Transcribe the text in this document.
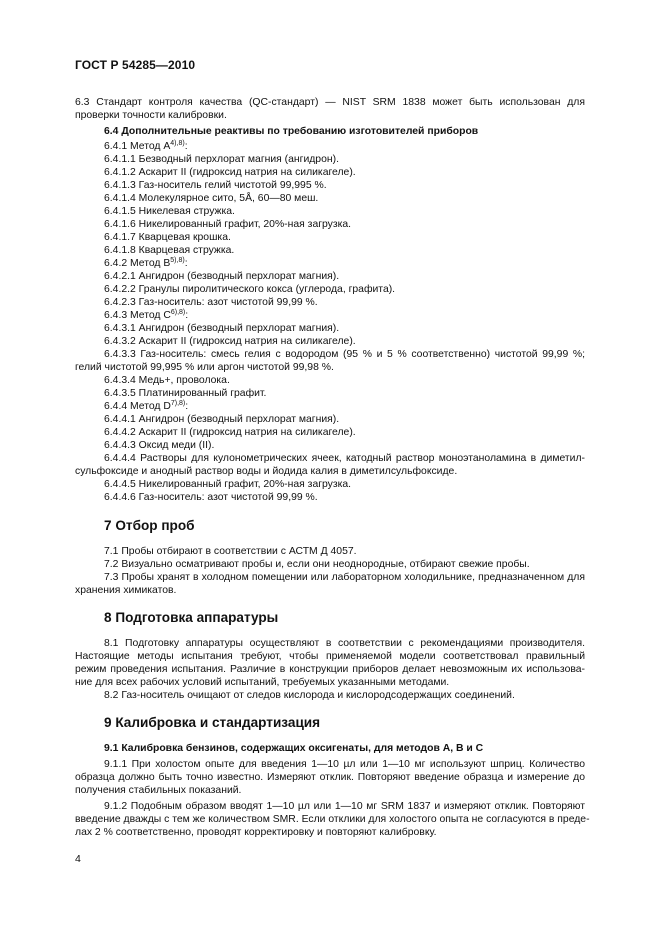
ГОСТ Р 54285—2010
6.3 Стандарт контроля качества (QC-стандарт) — NIST SRM 1838 может быть использован для
проверки точности калибровки.
6.4 Дополнительные реактивы по требованию изготовителей приборов
6.4.1 Метод $А^{4),8)}$:
6.4.1.1 Безводный перхлорат магния (ангидрон).
6.4.1.2 Аскарит II (гидроксид натрия на силикагеле).
6.4.1.3 Газ-носитель гелий чистотой 99,995 %.
6.4.1.4 Молекулярное сито, 5Å, 60—80 меш.
6.4.1.5 Никелевая стружка.
6.4.1.6 Никелированный графит, 20%-ная загрузка.
6.4.1.7 Кварцевая крошка.
6.4.1.8 Кварцевая стружка.
6.4.2 Метод $В^{5),8)}$:
6.4.2.1 Ангидрон (безводный перхлорат магния).
6.4.2.2 Гранулы пиролитического кокса (углерода, графита).
6.4.2.3 Газ-носитель: азот чистотой 99,99 %.
6.4.3 Метод $С^{6),8)}$:
6.4.3.1 Ангидрон (безводный перхлорат магния).
6.4.3.2 Аскарит II (гидроксид натрия на силикагеле).
6.4.3.3 Газ-носитель: смесь гелия с водородом (95 % и 5 % соответственно) чистотой 99,99 %;
гелий чистотой 99,995 % или аргон чистотой 99,98 %.
6.4.3.4 Медь+, проволока.
6.4.3.5 Платинированный графит.
6.4.4 Метод $D^{7),8)}$:
6.4.4.1 Ангидрон (безводный перхлорат магния).
6.4.4.2 Аскарит II (гидроксид натрия на силикагеле).
6.4.4.3 Оксид меди (II).
6.4.4.4 Растворы для кулонометрических ячеек, катодный раствор моноэтаноламина в диметил-
сульфоксиде и анодный раствор воды и йодида калия в диметилсульфоксиде.
6.4.4.5 Никелированный графит, 20%-ная загрузка.
6.4.4.6 Газ-носитель: азот чистотой 99,99 %.
7 Отбор проб
7.1 Пробы отбирают в соответствии с АСТМ Д 4057.
7.2 Визуально осматривают пробы и, если они неоднородные, отбирают свежие пробы.
7.3 Пробы хранят в холодном помещении или лабораторном холодильнике, предназначенном для
хранения химикатов.
8 Подготовка аппаратуры
8.1 Подготовку аппаратуры осуществляют в соответствии с рекомендациями производителя.
Настоящие методы испытания требуют, чтобы применяемой модели соответствовал правильный
режим проведения испытания. Различие в конструкции приборов делает невозможным их использова-
ние для всех рабочих условий испытаний, требуемых указанными методами.
8.2 Газ-носитель очищают от следов кислорода и кислородсодержащих соединений.
9 Калибровка и стандартизация
9.1 Калибровка бензинов, содержащих оксигенаты, для методов А, В и С
9.1.1 При холостом опыте для введения 1—10 µл или 1—10 мг используют шприц. Количество
образца должно быть точно известно. Измеряют отклик. Повторяют введение образца и измерение до
получения стабильных показаний.
9.1.2 Подобным образом вводят 1—10 µл или 1—10 мг SRM 1837 и измеряют отклик. Повторяют
введение дважды с тем же количеством SMR. Если отклики для холостого опыта не согласуются в преде-
лах 2 % соответственно, проводят корректировку и повторяют калибровку.
4
